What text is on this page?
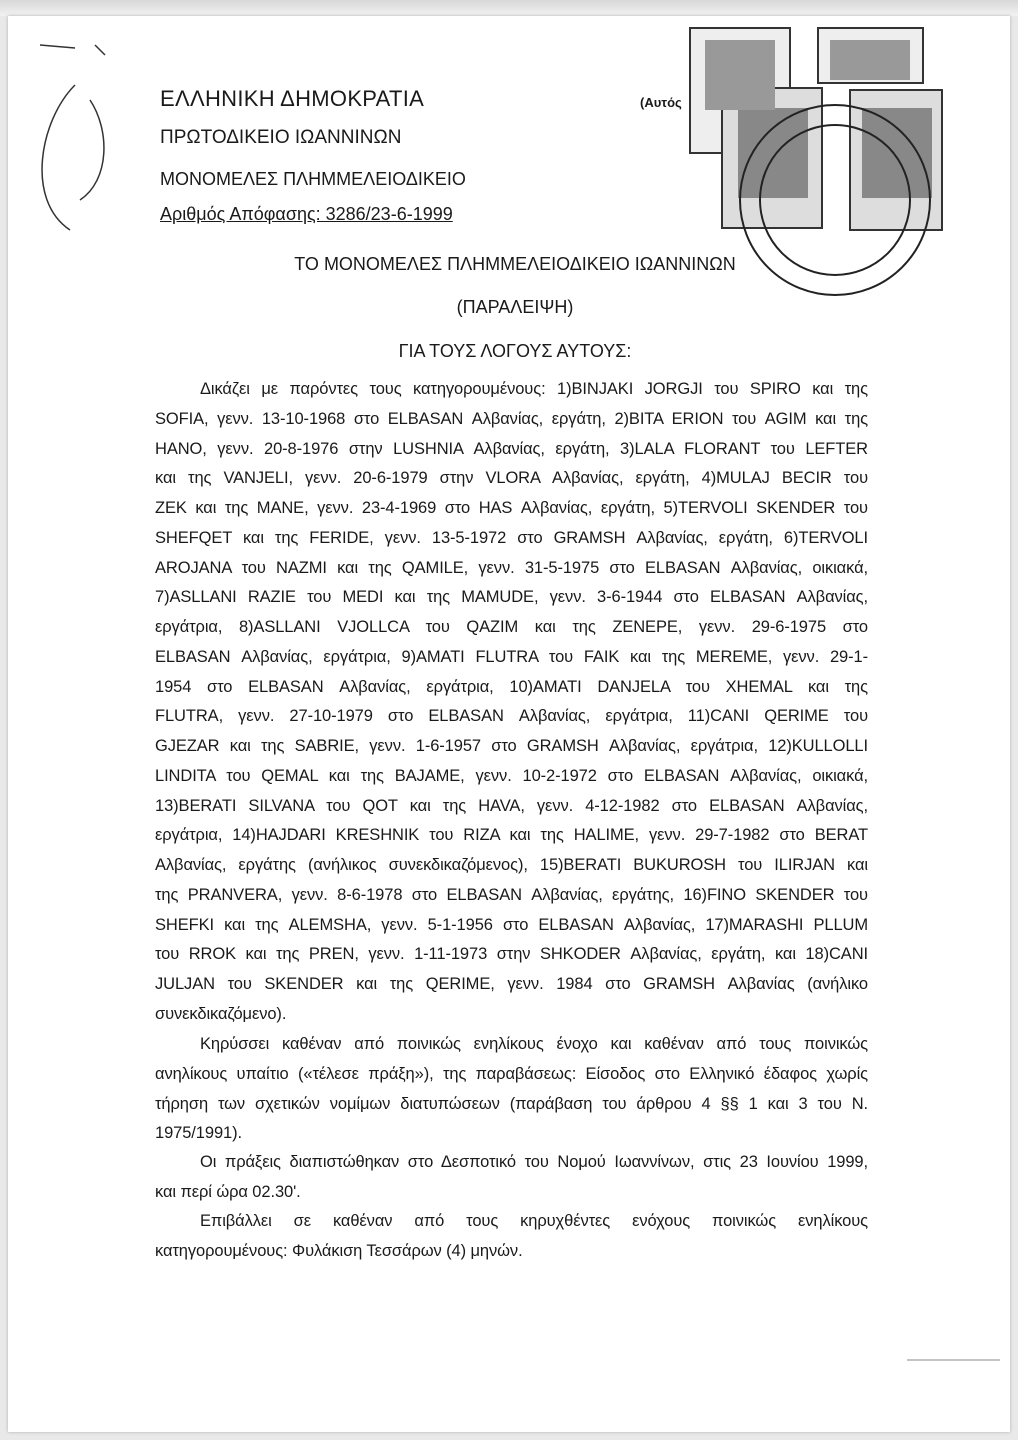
ΕΛΛΗΝΙΚΗ ΔΗΜΟΚΡΑΤΙΑ
ΠΡΩΤΟΔΙΚΕΙΟ ΙΩΑΝΝΙΝΩΝ
ΜΟΝΟΜΕΛΕΣ ΠΛΗΜΜΕΛΕΙΟΔΙΚΕΙΟ
Αριθμός Απόφασης: 3286/23-6-1999
(Αυτός
ΤΟ ΜΟΝΟΜΕΛΕΣ ΠΛΗΜΜΕΛΕΙΟΔΙΚΕΙΟ ΙΩΑΝΝΙΝΩΝ
(ΠΑΡΑΛΕΙΨΗ)
ΓΙΑ ΤΟΥΣ ΛΟΓΟΥΣ ΑΥΤΟΥΣ:
Δικάζει με παρόντες τους κατηγορουμένους: 1)BINJAKI JORGJI του SPIRO και της
SOFIA, γενν. 13-10-1968 στο ELBASAN Αλβανίας, εργάτη, 2)BITA ERION του AGIM και της
HANO, γενν. 20-8-1976 στην LUSHNIA Αλβανίας, εργάτη, 3)LALA FLORANT του LEFTER
και της VANJELI, γενν. 20-6-1979 στην VLORA Αλβανίας, εργάτη, 4)MULAJ BECIR του
ZEK και της MANE, γενν. 23-4-1969 στο HAS Αλβανίας, εργάτη, 5)TERVOLI SKENDER του
SHEFQET και της FERIDE, γενν. 13-5-1972 στο GRAMSH Αλβανίας, εργάτη, 6)TERVOLI
AROJANA του NAZMI και της QAMILE, γενν. 31-5-1975 στο ELBASAN Αλβανίας, οικιακά,
7)ASLLANI RAZIE του MEDI και της MAMUDE, γενν. 3-6-1944 στο ELBASAN Αλβανίας,
εργάτρια, 8)ASLLANI VJOLLCA του QAZIM και της ZENEPE, γενν. 29-6-1975 στο
ELBASAN Αλβανίας, εργάτρια, 9)AMATI FLUTRA του FAIK και της MEREME, γενν. 29-1-
1954 στο ELBASAN Αλβανίας, εργάτρια, 10)AMATI DANJELA του XHEMAL και της
FLUTRA, γενν. 27-10-1979 στο ELBASAN Αλβανίας, εργάτρια, 11)CANI QERIME του
GJEZAR και της SABRIE, γενν. 1-6-1957 στο GRAMSH Αλβανίας, εργάτρια, 12)KULLOLLI
LINDITA του QEMAL και της BAJAME, γενν. 10-2-1972 στο ELBASAN Αλβανίας, οικιακά,
13)BERATI SILVANA του QOT και της HAVA, γενν. 4-12-1982 στο ELBASAN Αλβανίας,
εργάτρια, 14)HAJDARI KRESHNIK του RIZA και της HALIME, γενν. 29-7-1982 στο BERAT
Αλβανίας, εργάτης (ανήλικος συνεκδικαζόμενος), 15)BERATI BUKUROSH του ILIRJAN και
της PRANVERA, γενν. 8-6-1978 στο ELBASAN Αλβανίας, εργάτης, 16)FINO SKENDER του
SHEFKI και της ALEMSHA, γενν. 5-1-1956 στο ELBASAN Αλβανίας, 17)MARASHI PLLUM
του RROK και της PREN, γενν. 1-11-1973 στην SHKODER Αλβανίας, εργάτη, και 18)CANI
JULJAN του SKENDER και της QERIME, γενν. 1984 στο GRAMSH Αλβανίας (ανήλικο
συνεκδικαζόμενο).
Κηρύσσει καθέναν από ποινικώς ενηλίκους ένοχο και καθέναν από τους ποινικώς
ανηλίκους υπαίτιο («τέλεσε πράξη»), της παραβάσεως: Είσοδος στο Ελληνικό έδαφος χωρίς
τήρηση των σχετικών νομίμων διατυπώσεων (παράβαση του άρθρου 4 §§ 1 και 3 του Ν.
1975/1991).
Οι πράξεις διαπιστώθηκαν στο Δεσποτικό του Νομού Ιωαννίνων, στις 23 Ιουνίου 1999,
και περί ώρα 02.30'.
Επιβάλλει σε καθέναν από τους κηρυχθέντες ενόχους ποινικώς ενηλίκους
κατηγορουμένους: Φυλάκιση Τεσσάρων (4) μηνών.
